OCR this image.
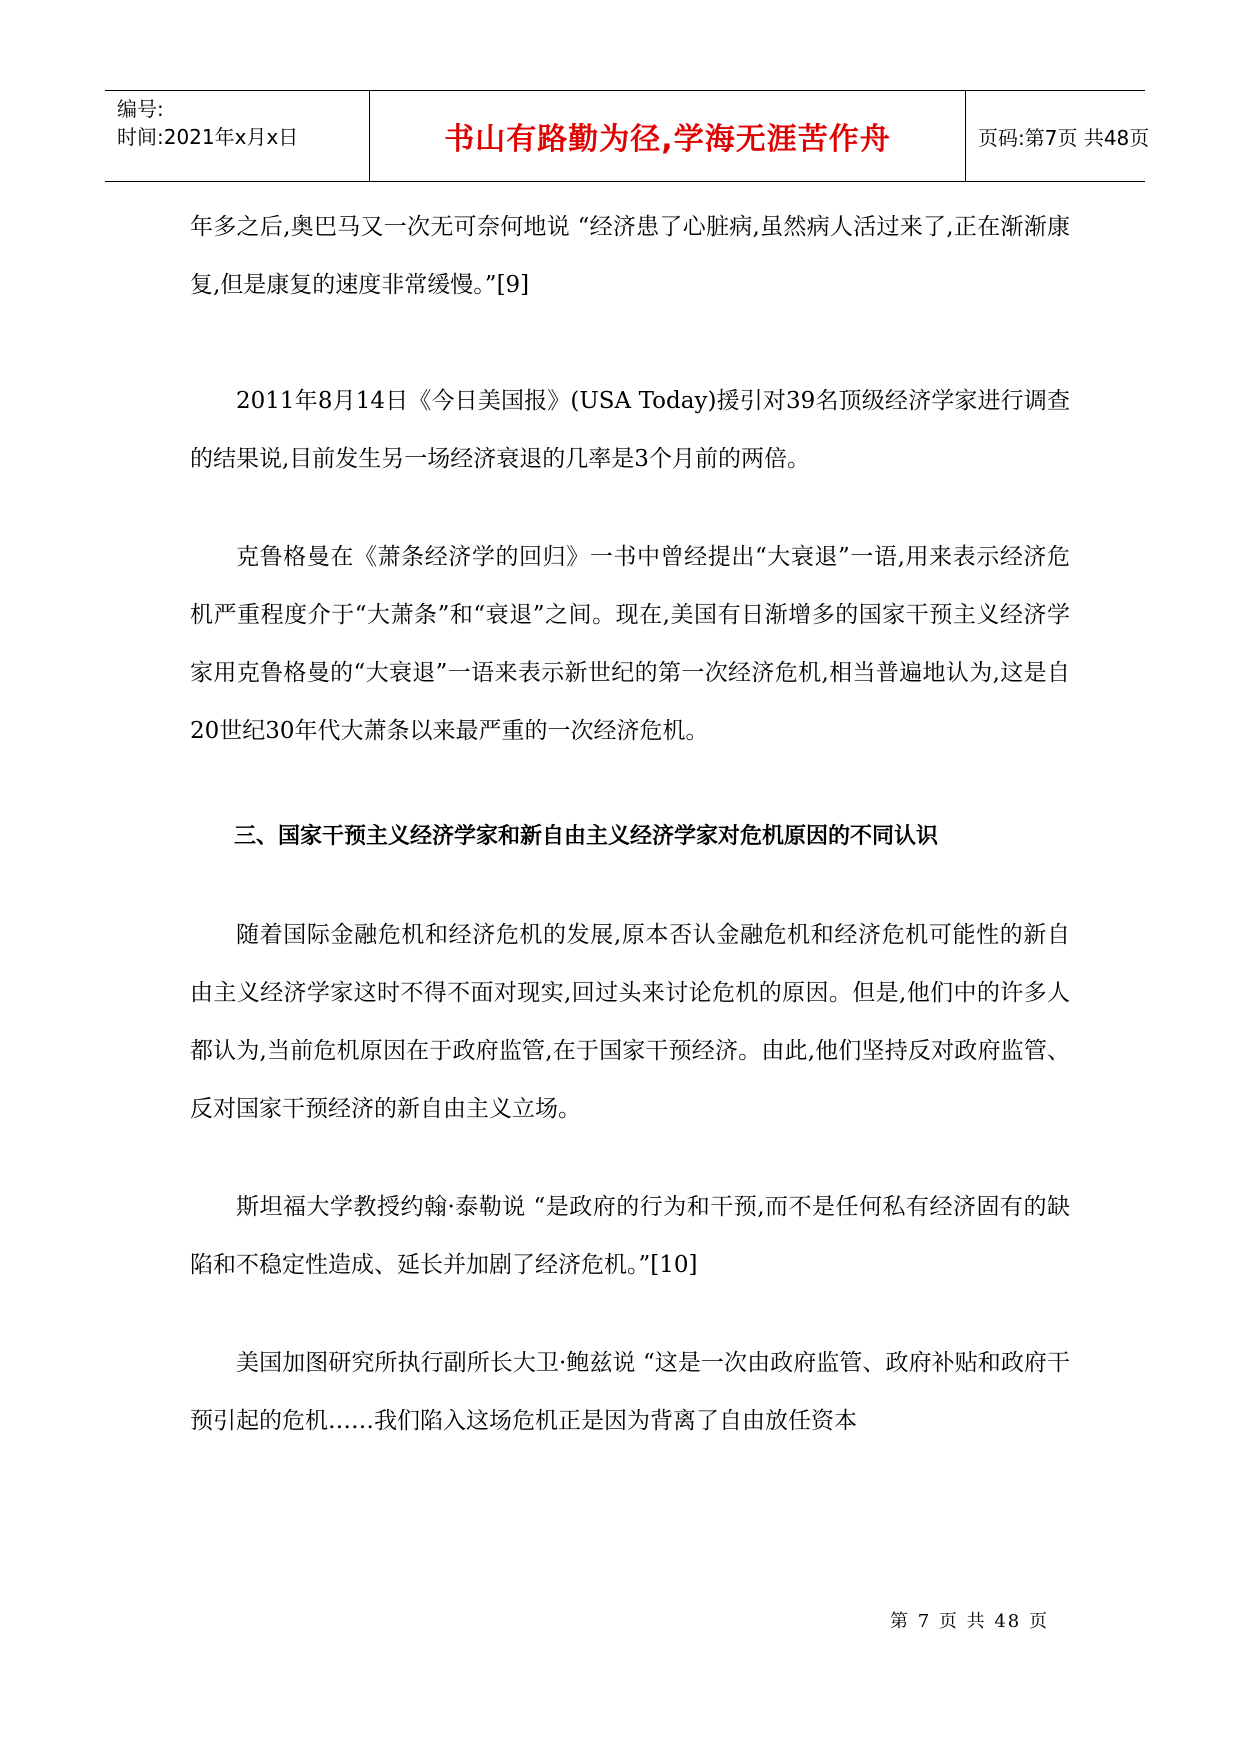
编号:
时间:2021年x月x日	书山有路勤为径,学海无涯苦作舟	页码:第7页 共48页

年多之后,奥巴马又一次无可奈何地说 “经济患了心脏病,虽然病人活过来了,正在渐渐康复,但是康复的速度非常缓慢。”[9]

2011年8月14日《今日美国报》(USA Today)援引对39名顶级经济学家进行调查的结果说,目前发生另一场经济衰退的几率是3个月前的两倍。

克鲁格曼在《萧条经济学的回归》一书中曾经提出“大衰退”一语,用来表示经济危机严重程度介于“大萧条”和“衰退”之间。现在,美国有日渐增多的国家干预主义经济学家用克鲁格曼的“大衰退”一语来表示新世纪的第一次经济危机,相当普遍地认为,这是自20世纪30年代大萧条以来最严重的一次经济危机。

三、国家干预主义经济学家和新自由主义经济学家对危机原因的不同认识

随着国际金融危机和经济危机的发展,原本否认金融危机和经济危机可能性的新自由主义经济学家这时不得不面对现实,回过头来讨论危机的原因。但是,他们中的许多人都认为,当前危机原因在于政府监管,在于国家干预经济。由此,他们坚持反对政府监管、反对国家干预经济的新自由主义立场。

斯坦福大学教授约翰·泰勒说 “是政府的行为和干预,而不是任何私有经济固有的缺陷和不稳定性造成、延长并加剧了经济危机。”[10]

美国加图研究所执行副所长大卫·鲍兹说 “这是一次由政府监管、政府补贴和政府干预引起的危机……我们陷入这场危机正是因为背离了自由放任资本

第 7 页 共 48 页
